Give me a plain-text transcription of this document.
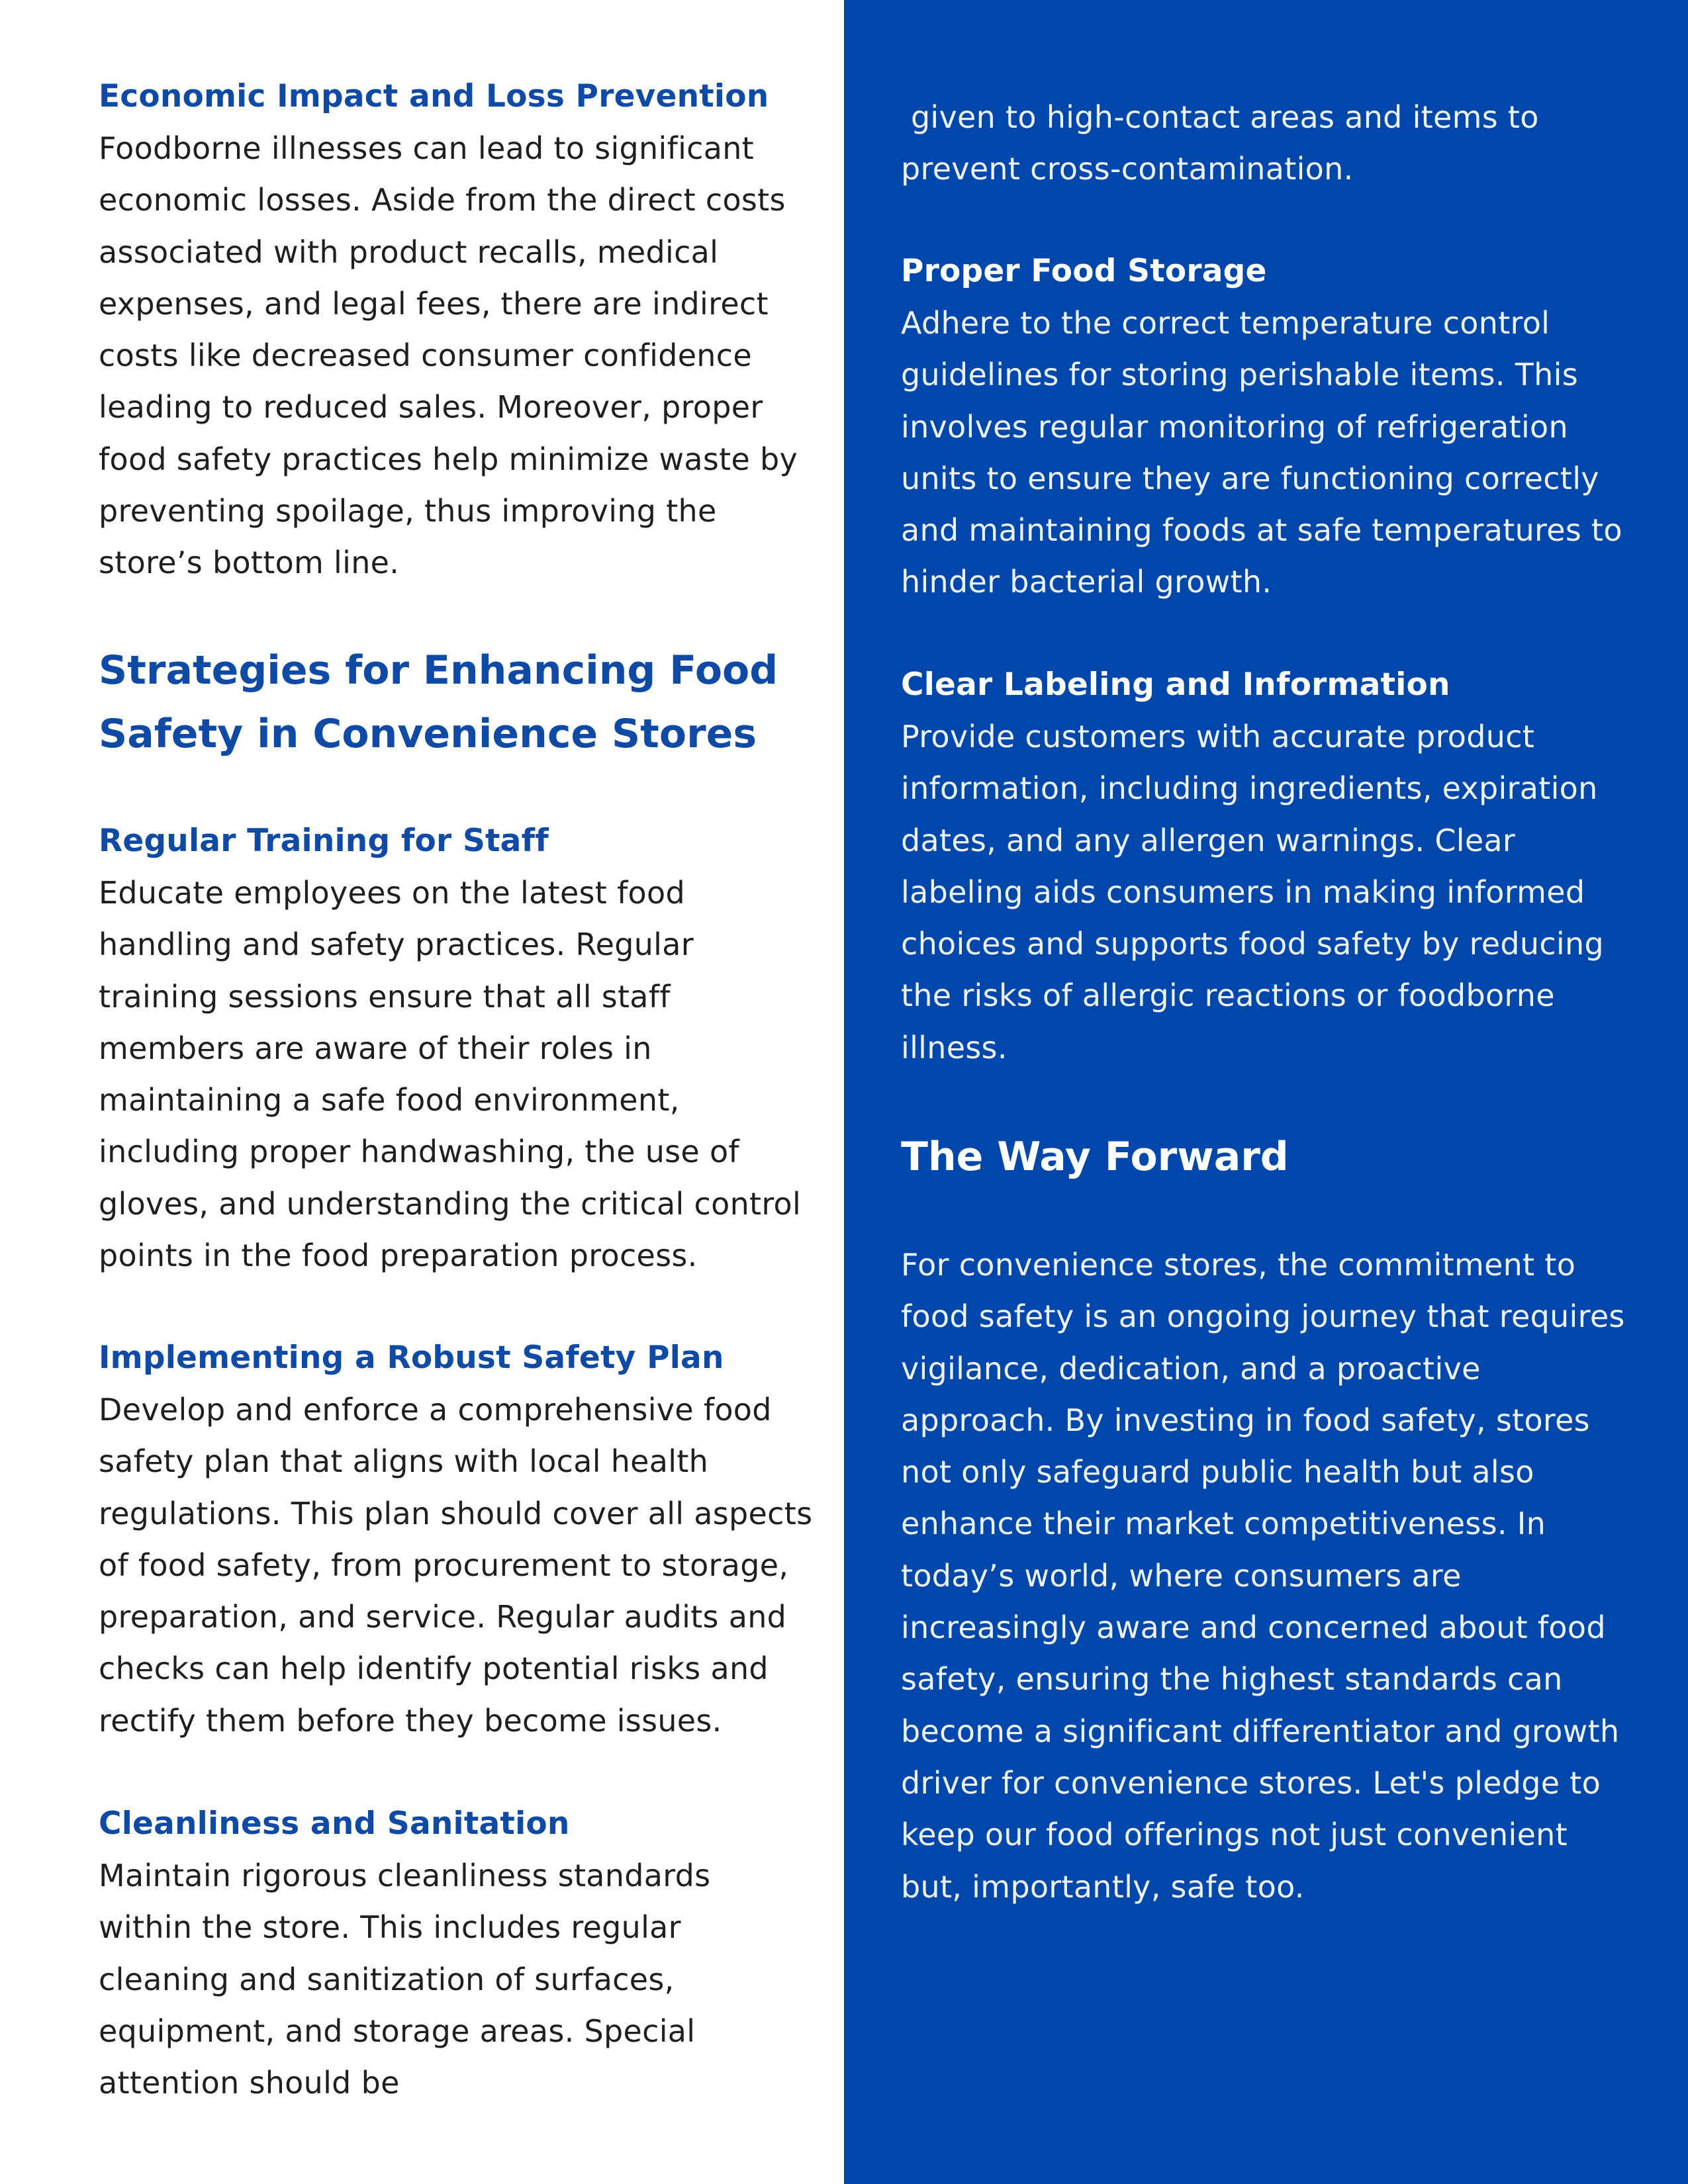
Economic Impact and Loss Prevention

Foodborne illnesses can lead to significant economic losses. Aside from the direct costs associated with product recalls, medical expenses, and legal fees, there are indirect costs like decreased consumer confidence leading to reduced sales. Moreover, proper food safety practices help minimize waste by preventing spoilage, thus improving the store’s bottom line.

Strategies for Enhancing Food Safety in Convenience Stores
Regular Training for Staff

Educate employees on the latest food handling and safety practices. Regular training sessions ensure that all staff members are aware of their roles in maintaining a safe food environment, including proper handwashing, the use of gloves, and understanding the critical control points in the food preparation process.

Implementing a Robust Safety Plan

Develop and enforce a comprehensive food safety plan that aligns with local health regulations. This plan should cover all aspects of food safety, from procurement to storage, preparation, and service. Regular audits and checks can help identify potential risks and rectify them before they become issues.

Cleanliness and Sanitation

Maintain rigorous cleanliness standards within the store. This includes regular cleaning and sanitization of surfaces, equipment, and storage areas. Special attention should be

given to high-contact areas and items to prevent cross-contamination.

Proper Food Storage

Adhere to the correct temperature control guidelines for storing perishable items. This involves regular monitoring of refrigeration units to ensure they are functioning correctly and maintaining foods at safe temperatures to hinder bacterial growth.

Clear Labeling and Information

Provide customers with accurate product information, including ingredients, expiration dates, and any allergen warnings. Clear labeling aids consumers in making informed choices and supports food safety by reducing the risks of allergic reactions or foodborne illness.

The Way Forward

For convenience stores, the commitment to food safety is an ongoing journey that requires vigilance, dedication, and a proactive approach. By investing in food safety, stores not only safeguard public health but also enhance their market competitiveness. In today’s world, where consumers are increasingly aware and concerned about food safety, ensuring the highest standards can become a significant differentiator and growth driver for convenience stores. Let's pledge to keep our food offerings not just convenient but, importantly, safe too.
